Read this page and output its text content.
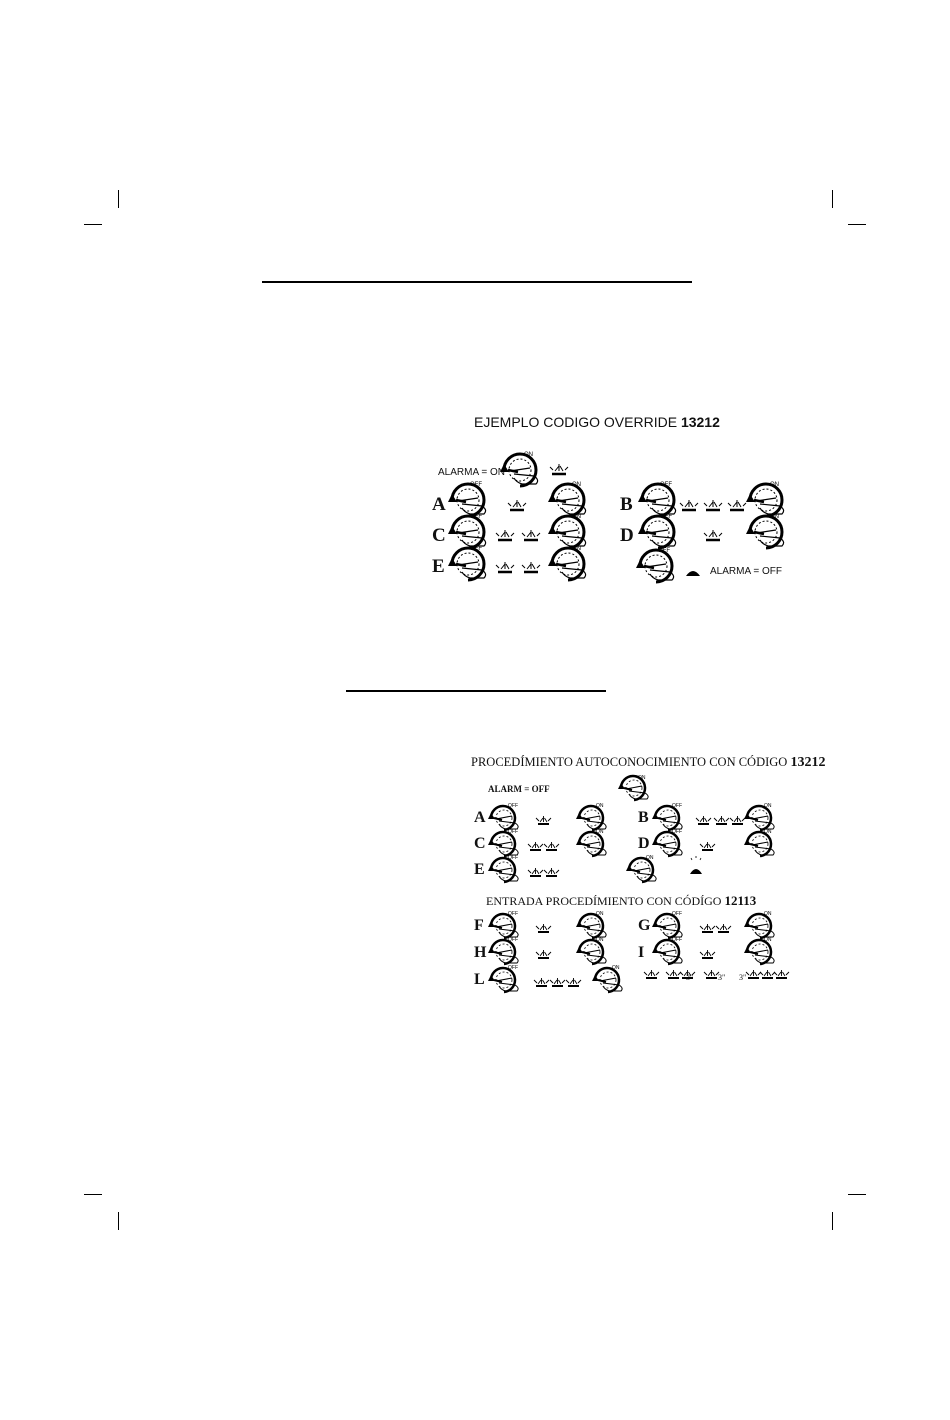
EJEMPLO CODIGO OVERRIDE 13212
ALARMA = ON
A	B
C	D
E	ALARMA = OFF
ON
OFF	ON	OFF	ON
OFF	ON	OFF	ON
OFF	ON	OFF
PROCEDÍMIENTO AUTOCONOCIMIENTO CON CÓDIGO 13212
ALARM = OFF
A	B
C	D
E
ENTRADA PROCEDÍMIENTO CON CÓDÍGO 12113
F	G
H	I
L	3" 3"
ON
OFF	ON	OFF	ON
OFF	ON	OFF	ON
OFF	ON
OFF	ON	OFF	ON
OFF	ON	OFF	ON
OFF	ON
